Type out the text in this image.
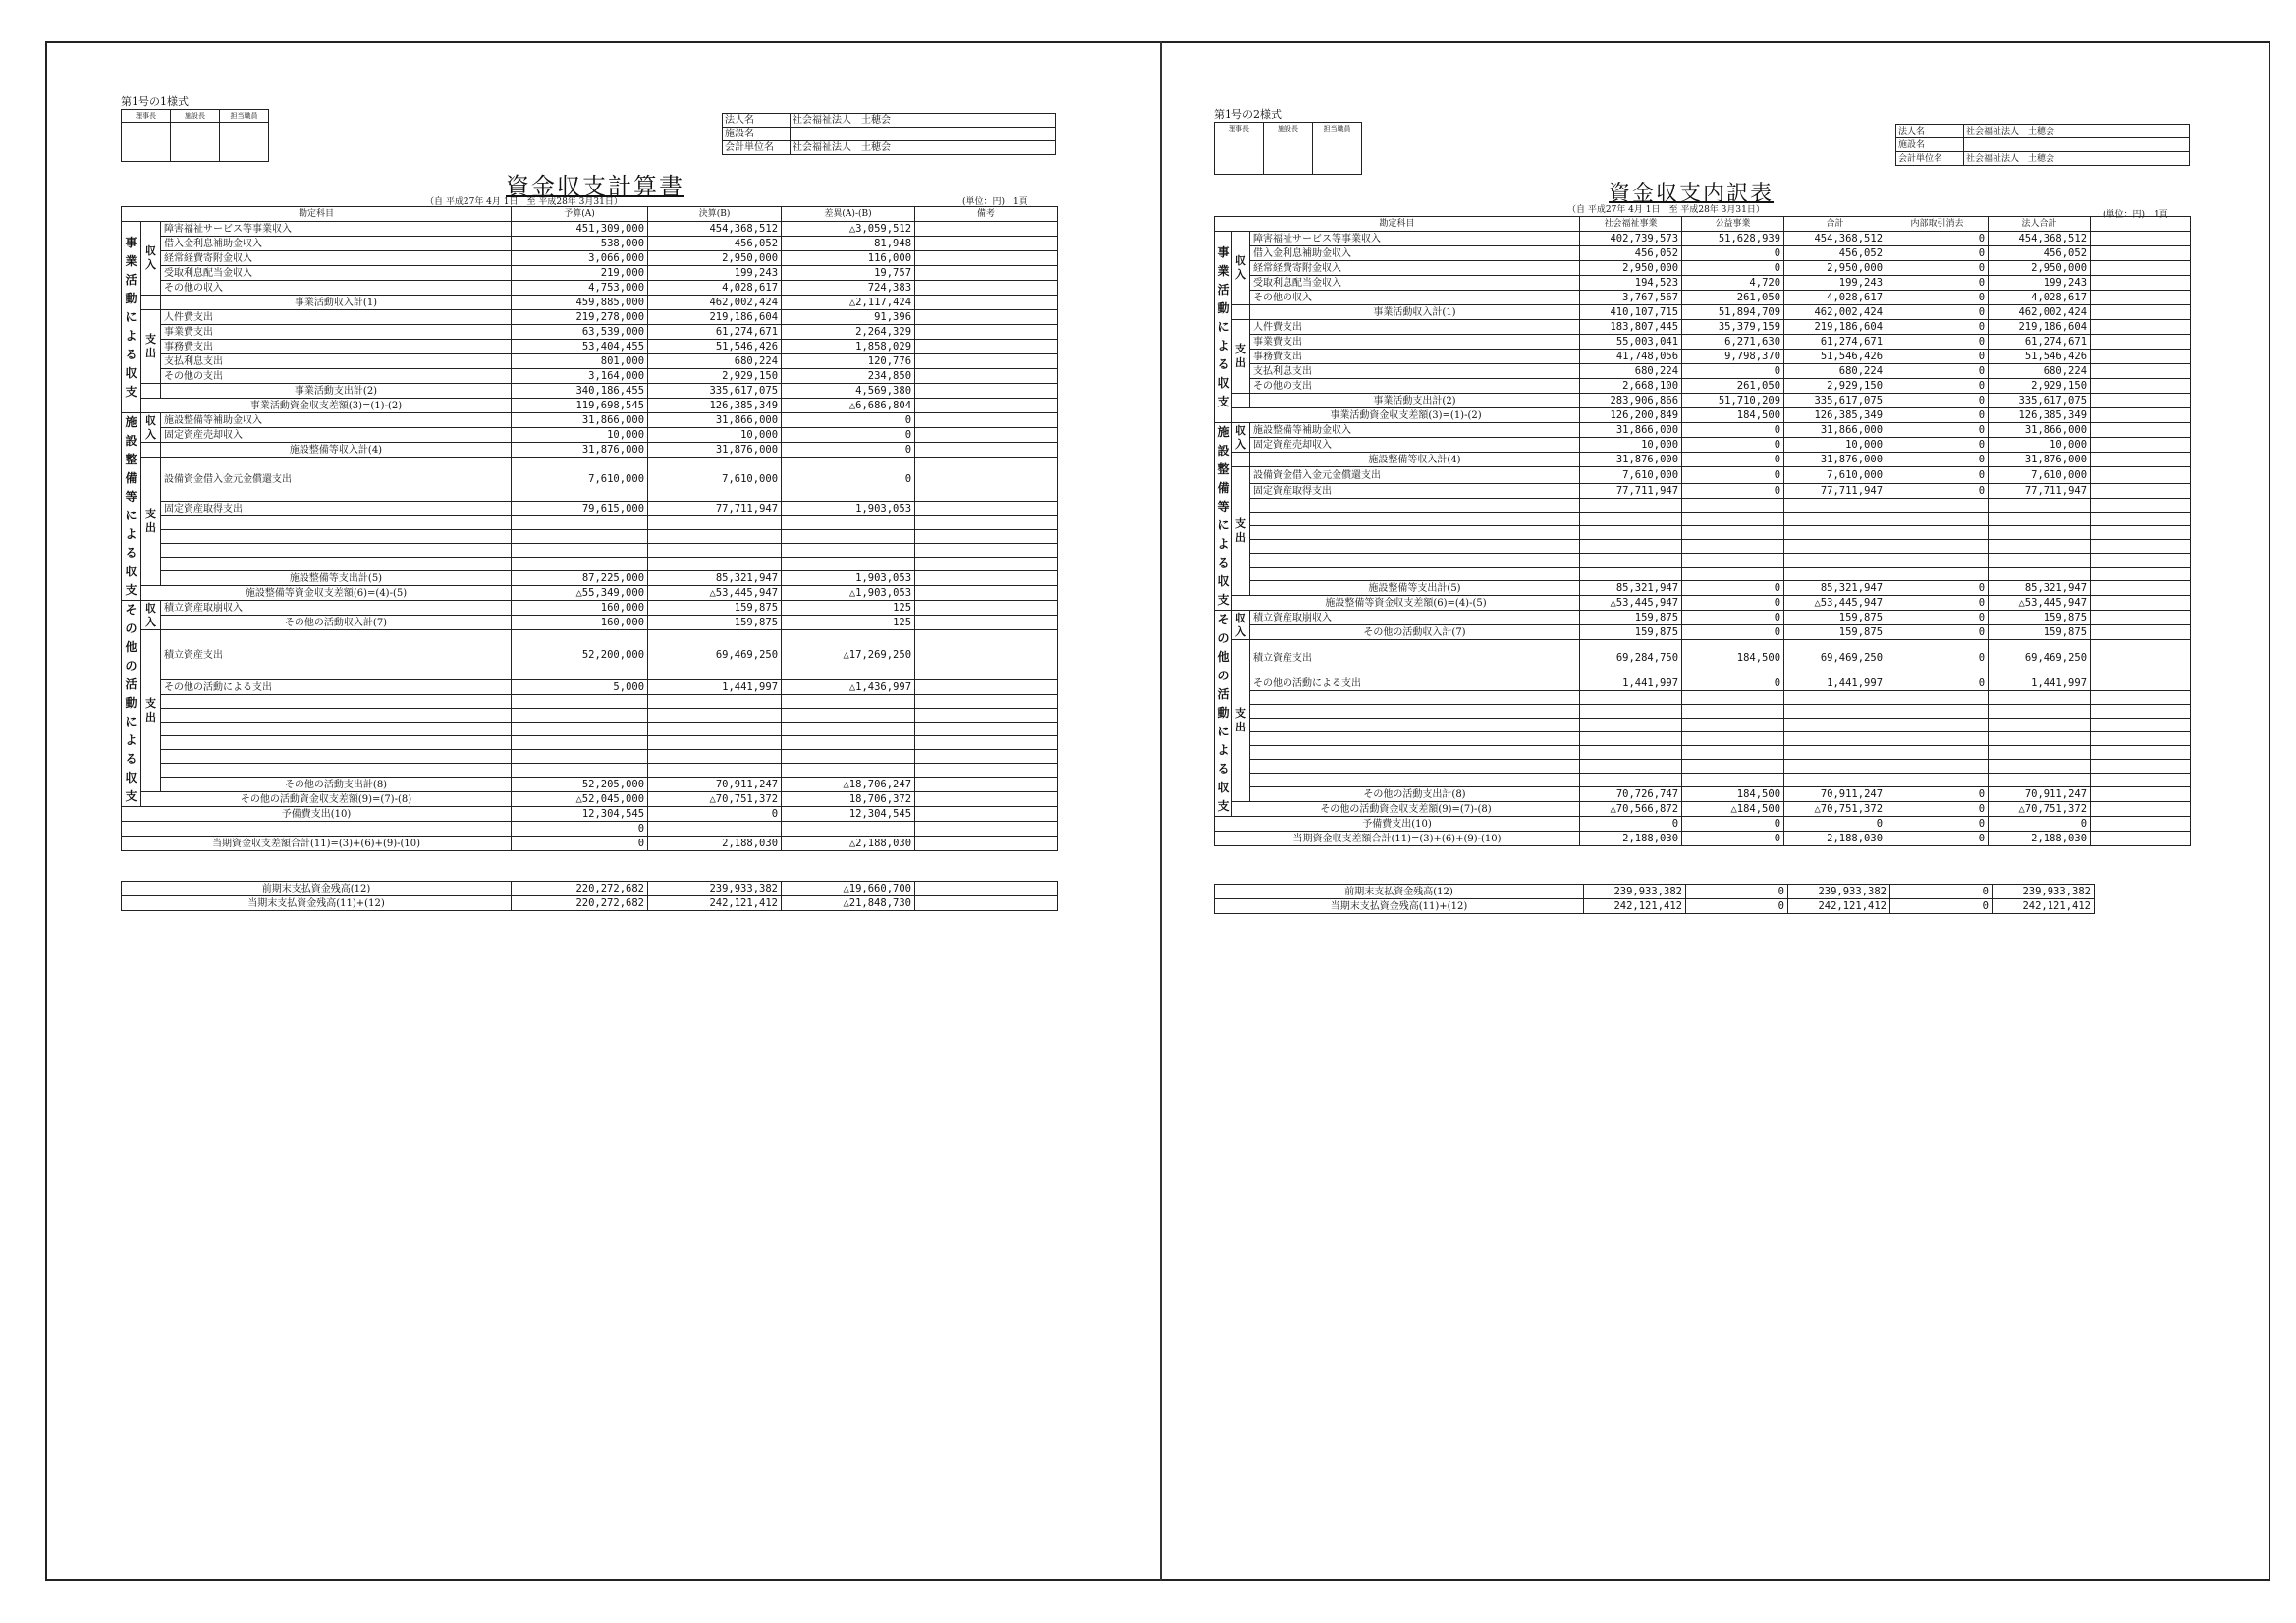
第1号の1様式
理事長	施設長	担当職員
			法人名	社会福祉法人　土穂会
施設名	
会計単位名	社会福祉法人　土穂会
資金収支計算書
（自 平成27年 4月 1日　至 平成28年 3月31日）	(単位：円)　1頁
勘定科目			予算(A)	決算(B)	差異(A)-(B)	備考
事業活動による収支	収入	障害福祉サービス等事業収入	451,309,000	454,368,512	△3,059,512	
		借入金利息補助金収入	538,000	456,052	81,948	
		経常経費寄附金収入	3,066,000	2,950,000	116,000	
		受取利息配当金収入	219,000	199,243	19,757	
		その他の収入	4,753,000	4,028,617	724,383	
		事業活動収入計(1)	459,885,000	462,002,424	△2,117,424	
	支出	人件費支出	219,278,000	219,186,604	91,396	
		事業費支出	63,539,000	61,274,671	2,264,329	
		事務費支出	53,404,455	51,546,426	1,858,029	
		支払利息支出	801,000	680,224	120,776	
		その他の支出	3,164,000	2,929,150	234,850	
		事業活動支出計(2)	340,186,455	335,617,075	4,569,380	
	事業活動資金収支差額(3)=(1)-(2)		119,698,545	126,385,349	△6,686,804	
施設整備等による収支	収入	施設整備等補助金収入	31,866,000	31,866,000	0	
		固定資産売却収入	10,000	10,000	0	
		施設整備等収入計(4)	31,876,000	31,876,000	0	
	支出	設備資金借入金元金償還支出	7,610,000	7,610,000	0	
		固定資産取得支出	79,615,000	77,711,947	1,903,053	

		施設整備等支出計(5)	87,225,000	85,321,947	1,903,053	
	施設整備等資金収支差額(6)=(4)-(5)		△55,349,000	△53,445,947	△1,903,053	
その他の活動による収支	収入	積立資産取崩収入	160,000	159,875	125	
		その他の活動収入計(7)	160,000	159,875	125	
	支出	積立資産支出	52,200,000	69,469,250	△17,269,250	
		その他の活動による支出	5,000	1,441,997	△1,436,997	

		その他の活動支出計(8)	52,205,000	70,911,247	△18,706,247	
	その他の活動資金収支差額(9)=(7)-(8)		△52,045,000	△70,751,372	18,706,372	
予備費支出(10)			12,304,545	0	12,304,545	
			0			
当期資金収支差額合計(11)=(3)+(6)+(9)-(10)			0	2,188,030	△2,188,030	
前期末支払資金残高(12)	220,272,682	239,933,382	△19,660,700	
当期末支払資金残高(11)+(12)	220,272,682	242,121,412	△21,848,730	
第1号の2様式
理事長	施設長	担当職員
			法人名	社会福祉法人　土穂会
施設名	
会計単位名	社会福祉法人　土穂会
資金収支内訳表
（自 平成27年 4月 1日　至 平成28年 3月31日）	(単位：円)　1頁
勘定科目			社会福祉事業	公益事業	合計	内部取引消去	法人合計	
事業活動による収支	収入	障害福祉サービス等事業収入	402,739,573	51,628,939	454,368,512	0	454,368,512	
		借入金利息補助金収入	456,052	0	456,052	0	456,052	
		経常経費寄附金収入	2,950,000	0	2,950,000	0	2,950,000	
		受取利息配当金収入	194,523	4,720	199,243	0	199,243	
		その他の収入	3,767,567	261,050	4,028,617	0	4,028,617	
		事業活動収入計(1)	410,107,715	51,894,709	462,002,424	0	462,002,424	
	支出	人件費支出	183,807,445	35,379,159	219,186,604	0	219,186,604	
		事業費支出	55,003,041	6,271,630	61,274,671	0	61,274,671	
		事務費支出	41,748,056	9,798,370	51,546,426	0	51,546,426	
		支払利息支出	680,224	0	680,224	0	680,224	
		その他の支出	2,668,100	261,050	2,929,150	0	2,929,150	
		事業活動支出計(2)	283,906,866	51,710,209	335,617,075	0	335,617,075	
	事業活動資金収支差額(3)=(1)-(2)		126,200,849	184,500	126,385,349	0	126,385,349	
施設整備等による収支	収入	施設整備等補助金収入	31,866,000	0	31,866,000	0	31,866,000	
		固定資産売却収入	10,000	0	10,000	0	10,000	
		施設整備等収入計(4)	31,876,000	0	31,876,000	0	31,876,000	
	支出	設備資金借入金元金償還支出	7,610,000	0	7,610,000	0	7,610,000	
		固定資産取得支出	77,711,947	0	77,711,947	0	77,711,947	

		施設整備等支出計(5)	85,321,947	0	85,321,947	0	85,321,947	
	施設整備等資金収支差額(6)=(4)-(5)		△53,445,947	0	△53,445,947	0	△53,445,947	
その他の活動による収支	収入	積立資産取崩収入	159,875	0	159,875	0	159,875	
		その他の活動収入計(7)	159,875	0	159,875	0	159,875	
	支出	積立資産支出	69,284,750	184,500	69,469,250	0	69,469,250	
		その他の活動による支出	1,441,997	0	1,441,997	0	1,441,997	

		その他の活動支出計(8)	70,726,747	184,500	70,911,247	0	70,911,247	
	その他の活動資金収支差額(9)=(7)-(8)		△70,566,872	△184,500	△70,751,372	0	△70,751,372	
予備費支出(10)			0	0	0	0	0	
当期資金収支差額合計(11)=(3)+(6)+(9)-(10)			2,188,030	0	2,188,030	0	2,188,030	
前期末支払資金残高(12)	239,933,382	0	239,933,382	0	239,933,382
当期末支払資金残高(11)+(12)	242,121,412	0	242,121,412	0	242,121,412
